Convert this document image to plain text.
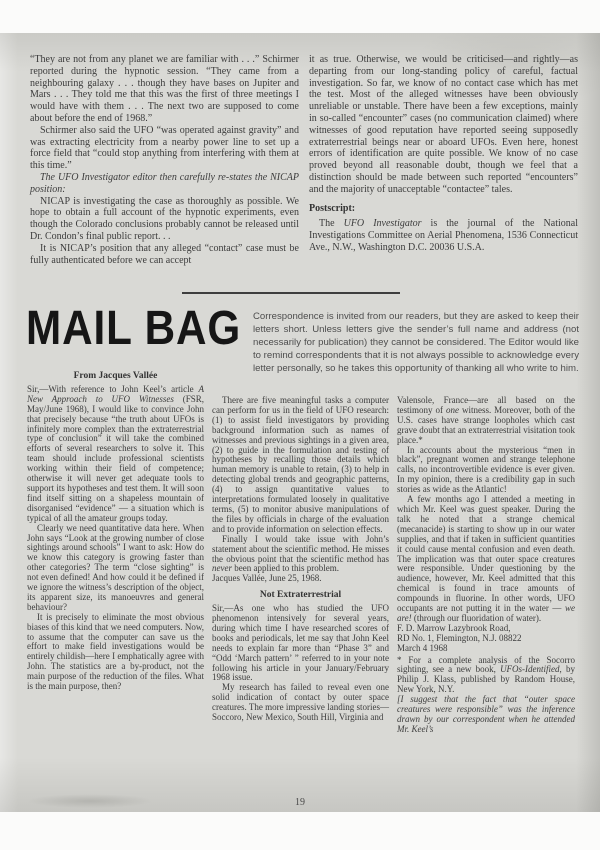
“They are not from any planet we are familiar with . . .” Schirmer reported during the hypnotic session. “They came from a neighbouring galaxy . . . though they have bases on Jupiter and Mars . . . They told me that this was the first of three meetings I would have with them . . . The next two are supposed to come about before the end of 1968.”

Schirmer also said the UFO “was operated against gravity” and was extracting electricity from a nearby power line to set up a force field that “could stop anything from interfering with them at this time.”

The UFO Investigator editor then carefully re-states the NICAP position:

NICAP is investigating the case as thoroughly as possible. We hope to obtain a full account of the hypnotic experiments, even though the Colorado conclusions probably cannot be released until Dr. Condon’s final public report. . .

It is NICAP’s position that any alleged “contact” case must be fully authenticated before we can accept

it as true. Otherwise, we would be criticised—and rightly—as departing from our long-standing policy of careful, factual investigation. So far, we know of no contact case which has met the test. Most of the alleged witnesses have been obviously unreliable or unstable. There have been a few exceptions, mainly in so-called “encounter” cases (no communication claimed) where witnesses of good reputation have reported seeing supposedly extraterrestrial beings near or aboard UFOs. Even here, honest errors of identification are quite possible. We know of no case proved beyond all reasonable doubt, though we feel that a distinction should be made between such reported “encounters” and the majority of unacceptable “contactee” tales.

Postscript:

The UFO Investigator is the journal of the National Investigations Committee on Aerial Phenomena, 1536 Connecticut Ave., N.W., Washington D.C. 20036 U.S.A.

MAIL BAG Correspondence is invited from our readers, but they are asked to keep their letters short. Unless letters give the sender’s full name and address (not necessarily for publication) they cannot be considered. The Editor would like to remind correspondents that it is not always possible to acknowledge every letter personally, so he takes this opportunity of thanking all who write to him.
From Jacques Vallée

Sir,—With reference to John Keel’s article A New Approach to UFO Witnesses (FSR, May/June 1968), I would like to convince John that precisely because “the truth about UFOs is infinitely more complex than the extraterrestrial type of conclusion” it will take the combined efforts of several researchers to solve it. This team should include professional scientists working within their field of competence; otherwise it will never get adequate tools to support its hypotheses and test them. It will soon find itself sitting on a shapeless mountain of disorganised “evidence” — a situation which is typical of all the amateur groups today.

Clearly we need quantitative data here. When John says “Look at the growing number of close sightings around schools” I want to ask: How do we know this category is growing faster than other categories? The term “close sighting” is not even defined! And how could it be defined if we ignore the witness’s description of the object, its apparent size, its manoeuvres and general behaviour?

It is precisely to eliminate the most obvious biases of this kind that we need computers. Now, to assume that the computer can save us the effort to make field investigations would be entirely childish—here I emphatically agree with John. The statistics are a by-product, not the main purpose of the reduction of the files. What is the main purpose, then?

There are five meaningful tasks a computer can perform for us in the field of UFO research: (1) to assist field investigators by providing background information such as names of witnesses and previous sightings in a given area, (2) to guide in the formulation and testing of hypotheses by recalling those details which human memory is unable to retain, (3) to help in detecting global trends and geographic patterns, (4) to assign quantitative values to interpretations formulated loosely in qualitative terms, (5) to monitor abusive manipulations of the files by officials in charge of the evaluation and to provide information on selection effects.

Finally I would take issue with John’s statement about the scientific method. He misses the obvious point that the scientific method has never been applied to this problem.

Jacques Vallée, June 25, 1968.

Not Extraterrestrial

Sir,—As one who has studied the UFO phenomenon intensively for several years, during which time I have researched scores of books and periodicals, let me say that John Keel needs to explain far more than “Phase 3” and “Odd ‘March pattern’ ” referred to in your note following his article in your January/February 1968 issue.

My research has failed to reveal even one solid indication of contact by outer space creatures. The more impressive landing stories—Soccoro, New Mexico, South Hill, Virginia and

Valensole, France—are all based on the testimony of one witness. Moreover, both of the U.S. cases have strange loopholes which cast grave doubt that an extraterrestrial visitation took place.*

In accounts about the mysterious “men in black”, pregnant women and strange telephone calls, no incontrovertible evidence is ever given. In my opinion, there is a credibility gap in such stories as wide as the Atlantic!

A few months ago I attended a meeting in which Mr. Keel was guest speaker. During the talk he noted that a strange chemical (mecanacide) is starting to show up in our water supplies, and that if taken in sufficient quantities it could cause mental confusion and even death. The implication was that outer space creatures were responsible. Under questioning by the audience, however, Mr. Keel admitted that this chemical is found in trace amounts of compounds in fluorine. In other words, UFO occupants are not putting it in the water — we are! (through our fluoridation of water).

F. D. Marrow Lazybrook Road,
RD No. 1, Flemington, N.J. 08822
March 4 1968

* For a complete analysis of the Socorro sighting, see a new book, UFOs-Identified, by Philip J. Klass, published by Random House, New York, N.Y.

[I suggest that the fact that “outer space creatures were responsible” was the inference drawn by our correspondent when he attended Mr. Keel’s

19
